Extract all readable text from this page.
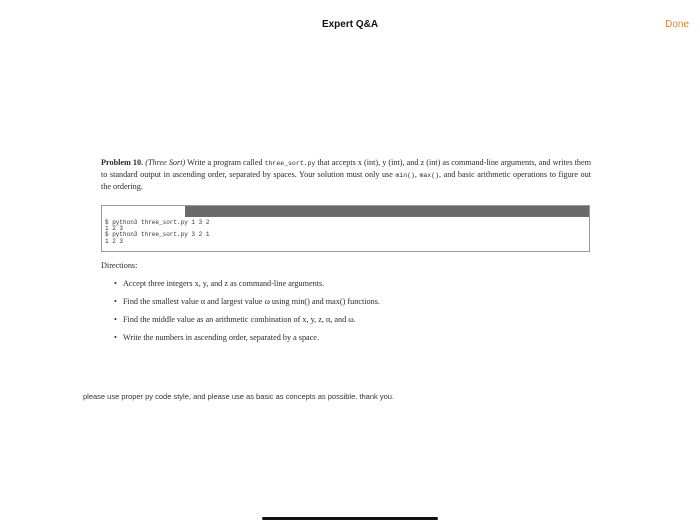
Expert Q&A	Done
Problem 10. (Three Sort) Write a program called three_sort.py that accepts x (int), y (int), and z (int) as command-line arguments, and writes them to standard output in ascending order, separated by spaces. Your solution must only use min(), max(), and basic arithmetic operations to figure out the ordering.
$ python3 three_sort.py 1 3 2
1 2 3
$ python3 three_sort.py 3 2 1
1 2 3
Directions:
• Accept three integers x, y, and z as command-line arguments.
• Find the smallest value α and largest value ω using min() and max() functions.
• Find the middle value as an arithmetic combination of x, y, z, α, and ω.
• Write the numbers in ascending order, separated by a space.
please use proper py code style, and please use as basic as concepts as possible. thank you.
